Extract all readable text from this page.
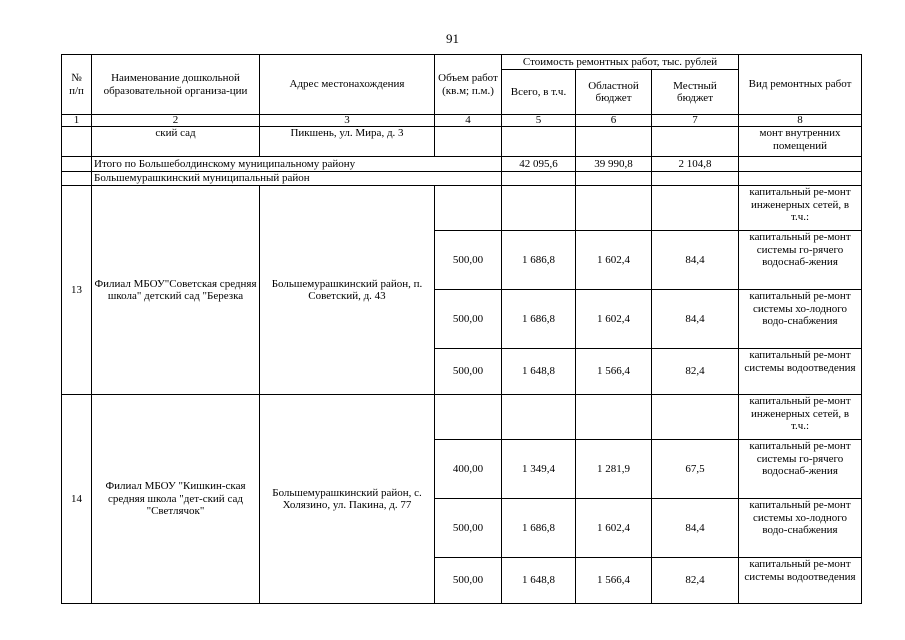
91
№
п/п	Наименование дошкольной образовательной организа-ции	Адрес местонахождения	Объем работ (кв.м; п.м.)	Стоимость ремонтных работ, тыс. рублей			Вид ремонтных работ
				Всего, в т.ч.	Областной бюджет	Местный бюджет	
1	2	3	4	5	6	7	8
	ский сад	Пикшень, ул. Мира, д. 3					монт внутренних помещений
	Итого по Большеболдинскому муниципальному району			42 095,6	39 990,8	2 104,8	
	Большемурашкинский муниципальный район						
13	Филиал МБОУ"Советская средняя школа" детский сад "Березка	Большемурашкинский район, п. Советский, д. 43					капитальный ре-монт инженерных сетей, в т.ч.:
			500,00	1 686,8	1 602,4	84,4	капитальный ре-монт системы го-рячего водоснаб-жения
			500,00	1 686,8	1 602,4	84,4	капитальный ре-монт системы хо-лодного водо-снабжения
			500,00	1 648,8	1 566,4	82,4	капитальный ре-монт системы водоотведения
14	Филиал МБОУ "Кишкин-ская средняя школа "дет-ский сад "Светлячок"	Большемурашкинский район, с. Холязино, ул. Пакина, д. 77					капитальный ре-монт инженерных сетей, в т.ч.:
			400,00	1 349,4	1 281,9	67,5	капитальный ре-монт системы го-рячего водоснаб-жения
			500,00	1 686,8	1 602,4	84,4	капитальный ре-монт системы хо-лодного водо-снабжения
			500,00	1 648,8	1 566,4	82,4	капитальный ре-монт системы водоотведения
